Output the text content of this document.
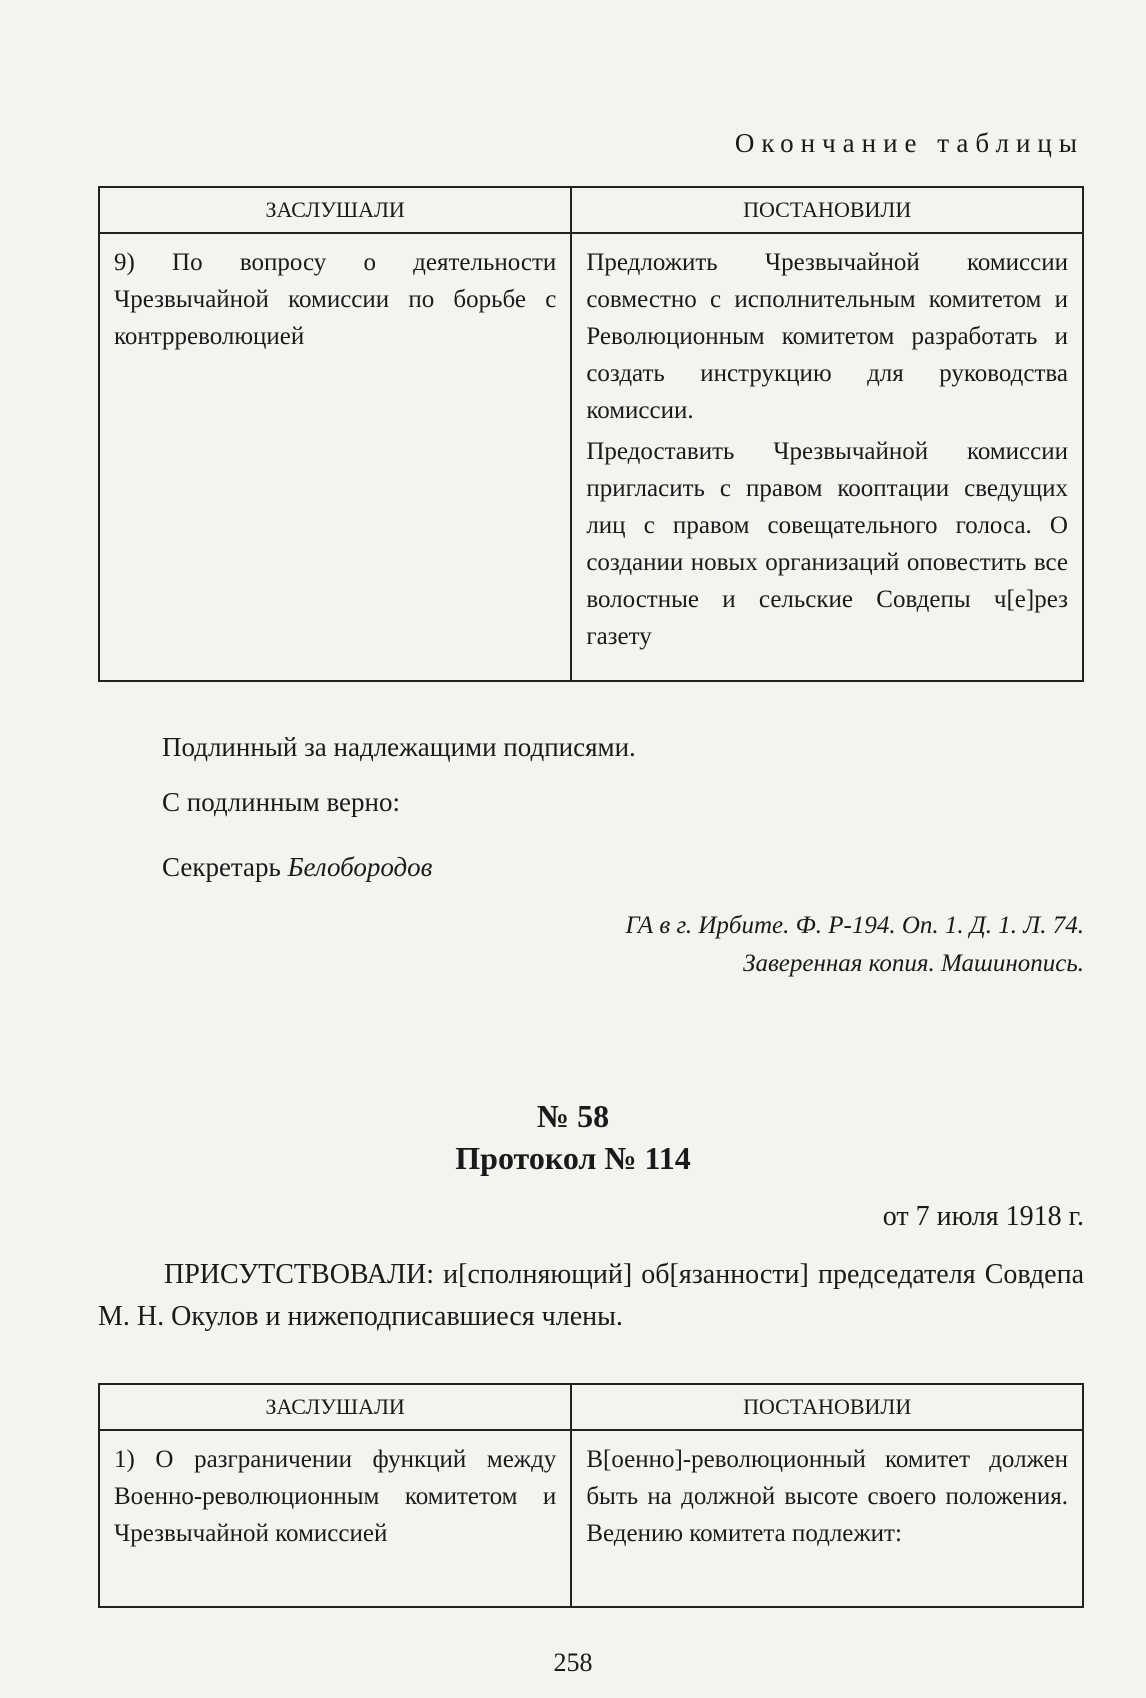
Окончание таблицы
ЗАСЛУШАЛИ	ПОСТАНОВИЛИ

9) По вопросу о деятельности Чрезвычайной комиссии по борьбе с контрреволюцией	Предложить Чрезвычайной комиссии совместно с исполнительным комитетом и Революционным комитетом разработать и создать инструкцию для руководства комиссии.

Предоставить Чрезвычайной комиссии пригласить с правом кооптации сведущих лиц с правом совещательного голоса. О создании новых организаций оповестить все волостные и сельские Совдепы ч[е]рез газету

Подлинный за надлежащими подписями.
С подлинным верно:
Секретарь Белобородов
ГА в г. Ирбите. Ф. Р-194. Оп. 1. Д. 1. Л. 74.
Заверенная копия. Машинопись.
№ 58
Протокол № 114
от 7 июля 1918 г.

ПРИСУТСТВОВАЛИ: и[сполняющий] об[язанности] председателя Совдепа М. Н. Окулов и нижеподписавшиеся члены.

ЗАСЛУШАЛИ	ПОСТАНОВИЛИ

1) О разграничении функций между Военно-революционным комитетом и Чрезвычайной комиссией	В[оенно]-революционный комитет должен быть на должной высоте своего положения. Ведению комитета подлежит:

258
